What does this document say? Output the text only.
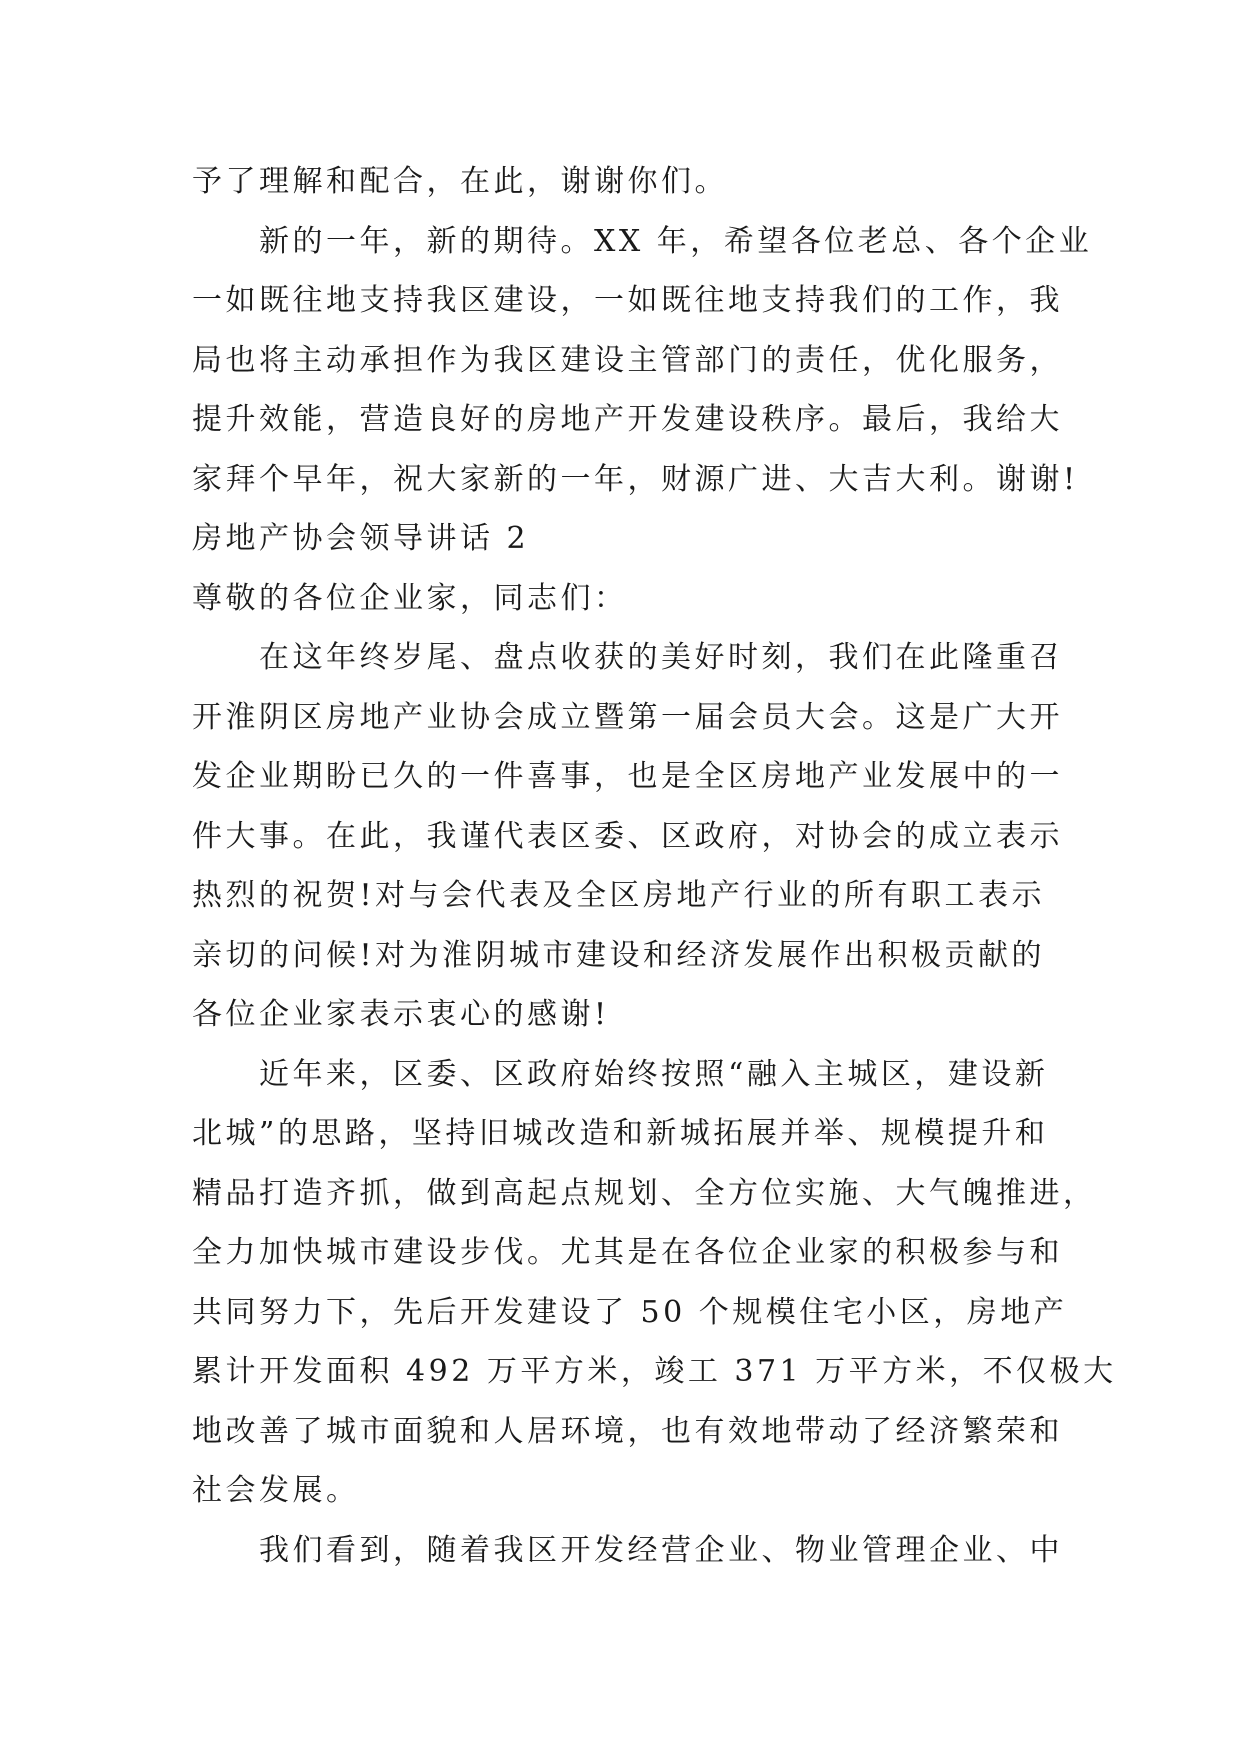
予了理解和配合，在此，谢谢你们。
新的一年，新的期待。XX 年，希望各位老总、各个企业
一如既往地支持我区建设，一如既往地支持我们的工作，我
局也将主动承担作为我区建设主管部门的责任，优化服务，
提升效能，营造良好的房地产开发建设秩序。最后，我给大
家拜个早年，祝大家新的一年，财源广进、大吉大利。谢谢!
房地产协会领导讲话 2
尊敬的各位企业家，同志们：
在这年终岁尾、盘点收获的美好时刻，我们在此隆重召
开淮阴区房地产业协会成立暨第一届会员大会。这是广大开
发企业期盼已久的一件喜事，也是全区房地产业发展中的一
件大事。在此，我谨代表区委、区政府，对协会的成立表示
热烈的祝贺!对与会代表及全区房地产行业的所有职工表示
亲切的问候!对为淮阴城市建设和经济发展作出积极贡献的
各位企业家表示衷心的感谢!
近年来，区委、区政府始终按照“融入主城区，建设新
北城”的思路，坚持旧城改造和新城拓展并举、规模提升和
精品打造齐抓，做到高起点规划、全方位实施、大气魄推进，
全力加快城市建设步伐。尤其是在各位企业家的积极参与和
共同努力下，先后开发建设了 50 个规模住宅小区，房地产
累计开发面积 492 万平方米，竣工 371 万平方米，不仅极大
地改善了城市面貌和人居环境，也有效地带动了经济繁荣和
社会发展。
我们看到，随着我区开发经营企业、物业管理企业、中
